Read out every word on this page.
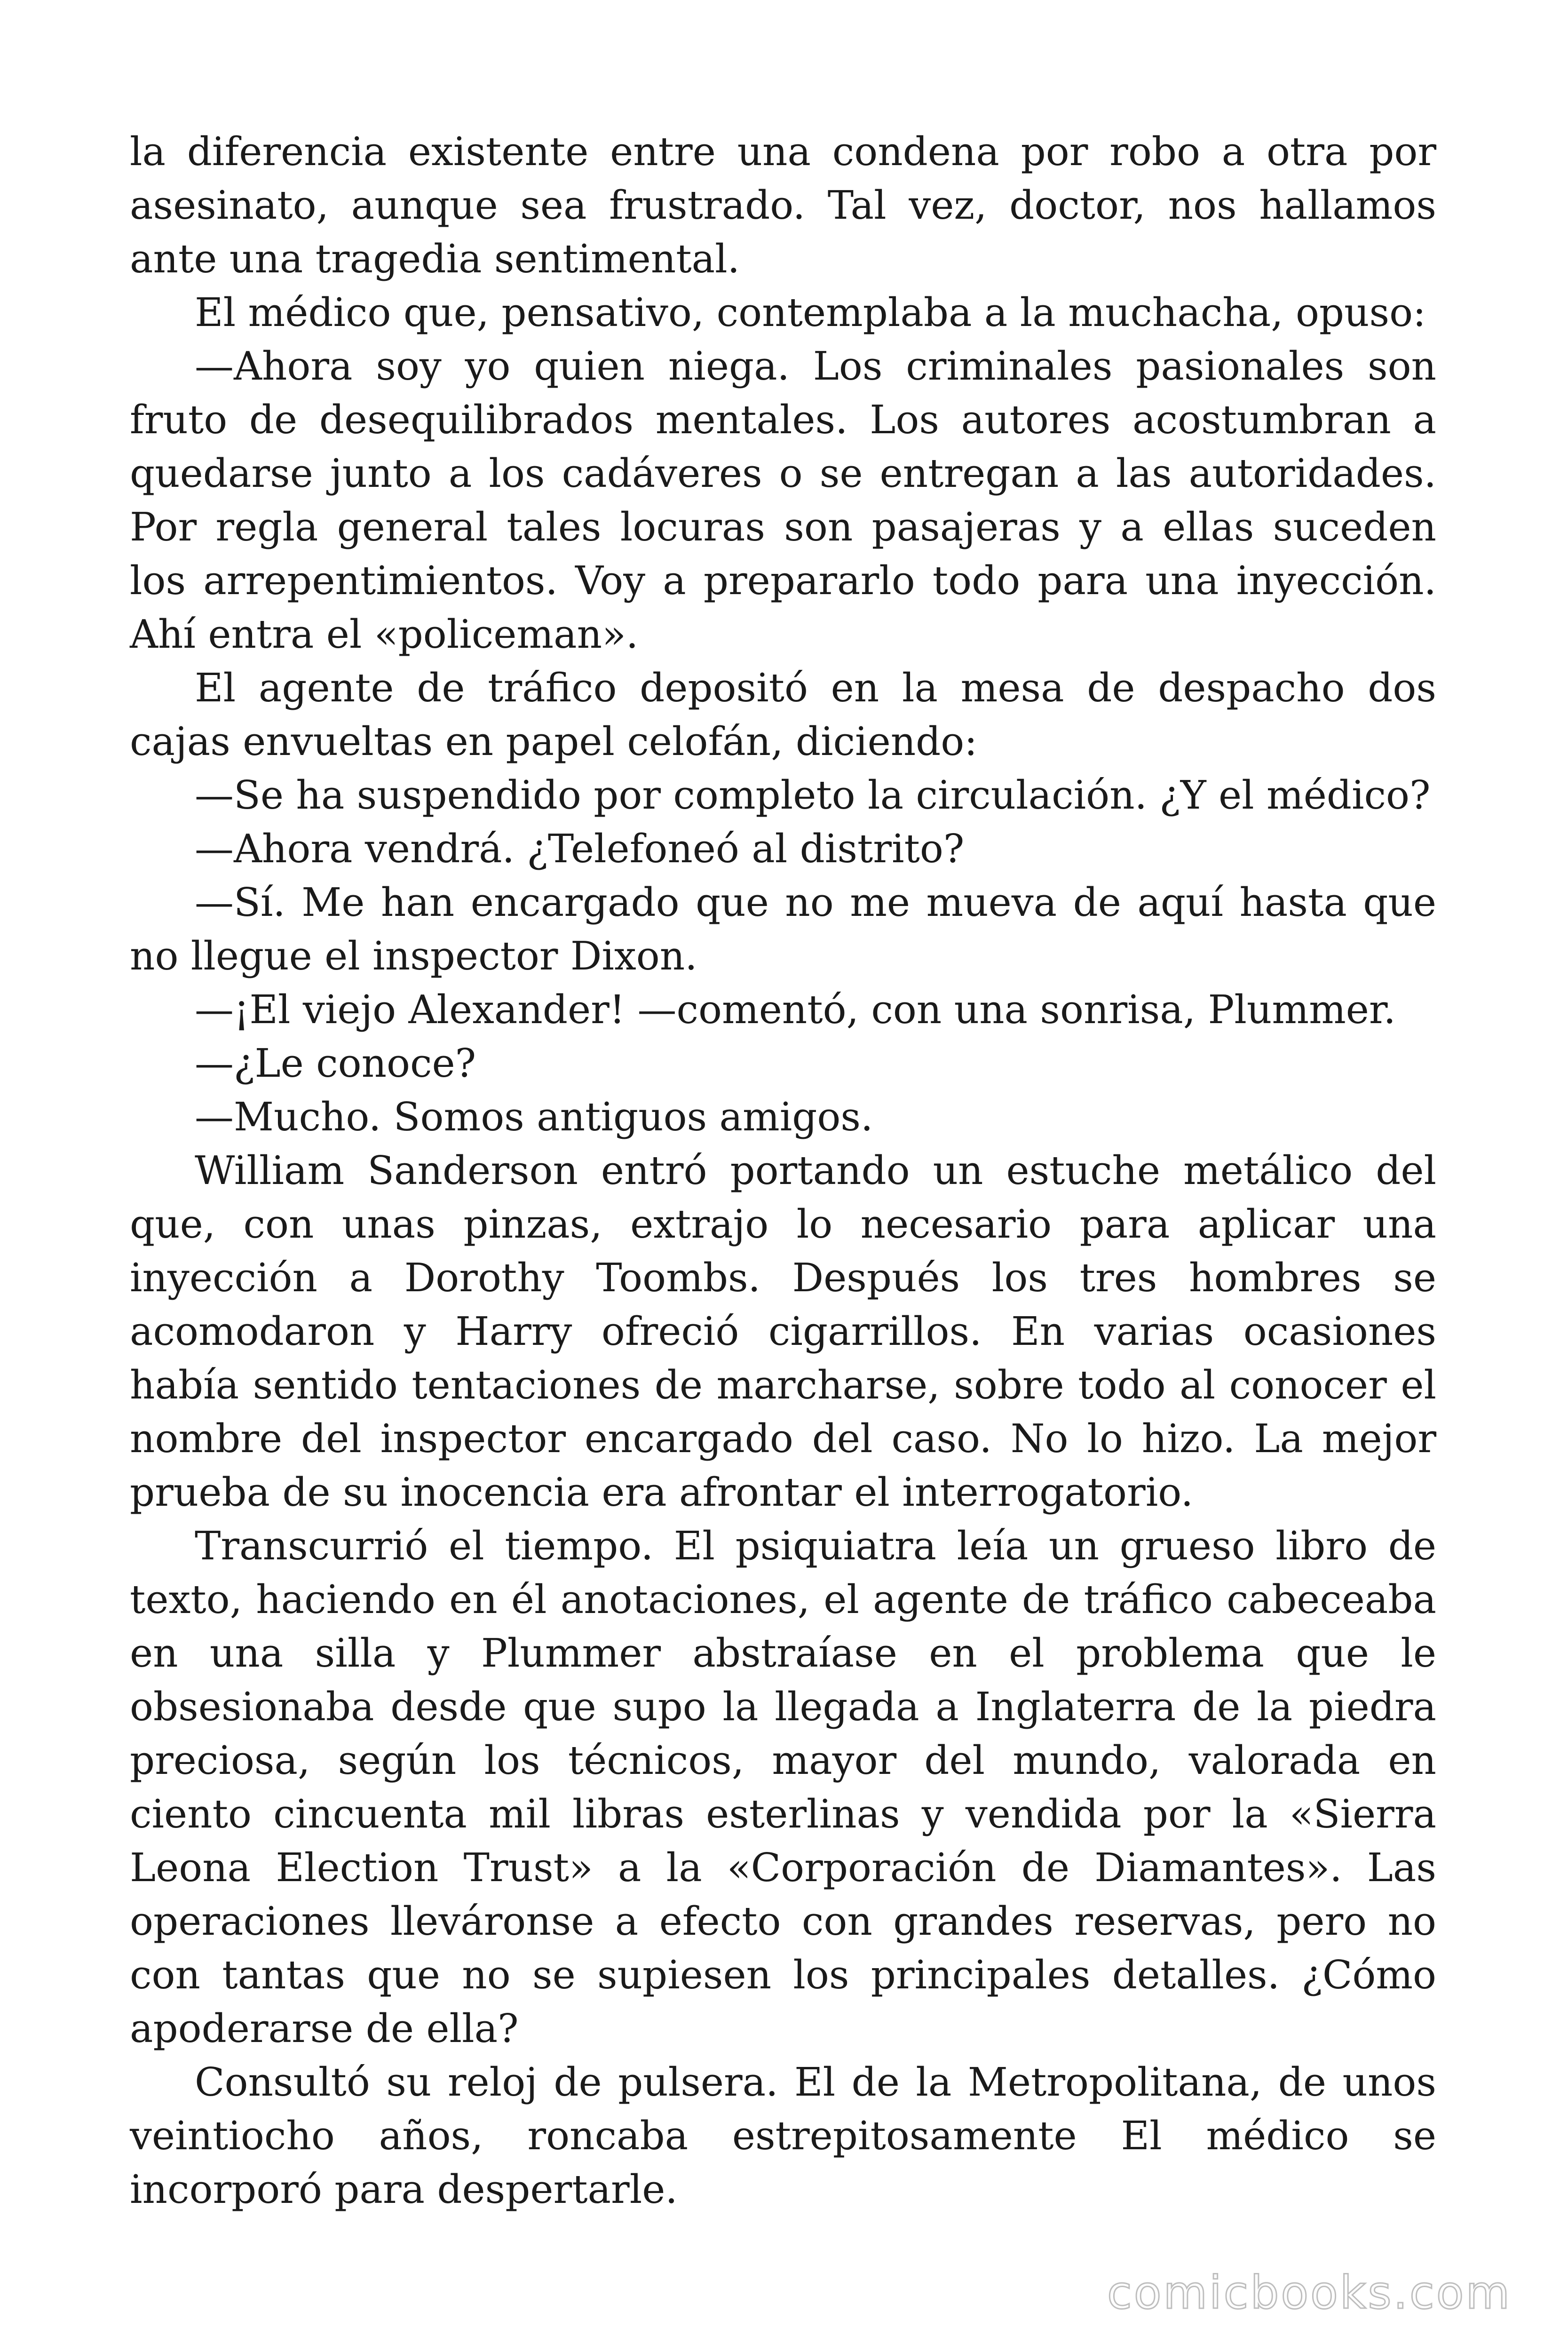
la diferencia existente entre una condena por robo a otra por asesinato, aunque sea frustrado. Tal vez, doctor, nos hallamos ante una tragedia sentimental.

El médico que, pensativo, contemplaba a la muchacha, opuso:

—Ahora soy yo quien niega. Los criminales pasionales son fruto de desequilibrados mentales. Los autores acostumbran a quedarse junto a los cadáveres o se entregan a las autoridades. Por regla general tales locuras son pasajeras y a ellas suceden los arrepentimientos. Voy a prepararlo todo para una inyección. Ahí entra el «policeman».

El agente de tráfico depositó en la mesa de despacho dos cajas envueltas en papel celofán, diciendo:

—Se ha suspendido por completo la circulación. ¿Y el médico?

—Ahora vendrá. ¿Telefoneó al distrito?

—Sí. Me han encargado que no me mueva de aquí hasta que no llegue el inspector Dixon.

—¡El viejo Alexander! —comentó, con una sonrisa, Plummer.

—¿Le conoce?

—Mucho. Somos antiguos amigos.

William Sanderson entró portando un estuche metálico del que, con unas pinzas, extrajo lo necesario para aplicar una inyección a Dorothy Toombs. Después los tres hombres se acomodaron y Harry ofreció cigarrillos. En varias ocasiones había sentido tentaciones de marcharse, sobre todo al conocer el nombre del inspector encargado del caso. No lo hizo. La mejor prueba de su inocencia era afrontar el interrogatorio.

Transcurrió el tiempo. El psiquiatra leía un grueso libro de texto, haciendo en él anotaciones, el agente de tráfico cabeceaba en una silla y Plummer abstraíase en el problema que le obsesionaba desde que supo la llegada a Inglaterra de la piedra preciosa, según los técnicos, mayor del mundo, valorada en ciento cincuenta mil libras esterlinas y vendida por la «Sierra Leona Election Trust» a la «Corporación de Diamantes». Las operaciones lleváronse a efecto con grandes reservas, pero no con tantas que no se supiesen los principales detalles. ¿Cómo apoderarse de ella?

Consultó su reloj de pulsera. El de la Metropolitana, de unos veintiocho años, roncaba estrepitosamente El médico se incorporó para despertarle.

comicbooks.com
